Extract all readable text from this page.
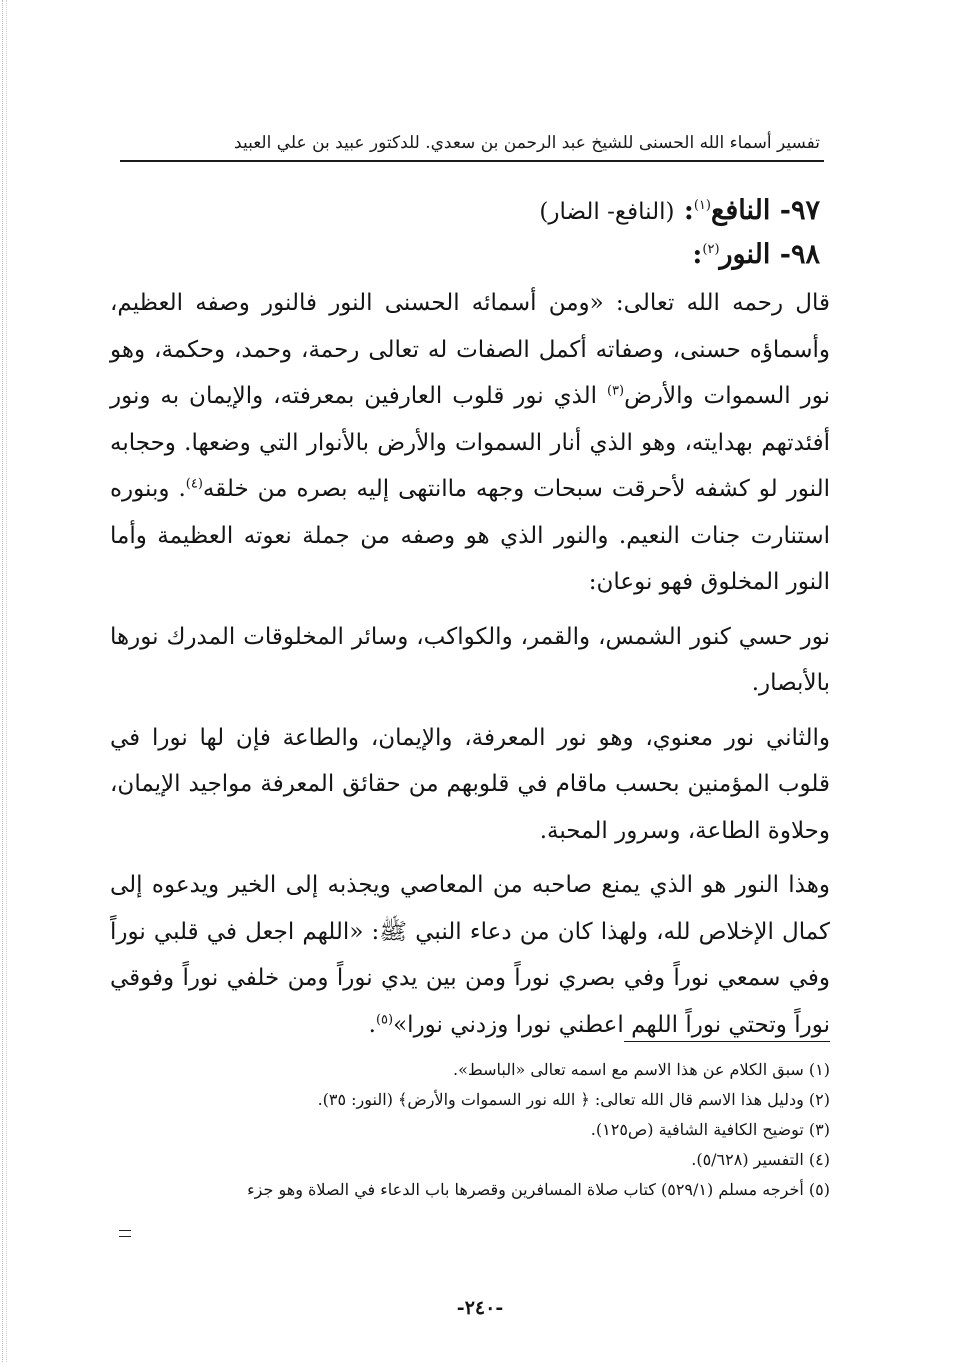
تفسير أسماء الله الحسنى للشيخ عبد الرحمن بن سعدي. للدكتور عبيد بن علي العبيد
٩٧- النافع$^{(١)}$: (النافع- الضار)
٩٨- النور$^{(٢)}$:
قال رحمه الله تعالى: «ومن أسمائه الحسنى النور فالنور وصفه العظيم، وأسماؤه حسنى، وصفاته أكمل الصفات له تعالى رحمة، وحمد، وحكمة، وهو نور السموات والأرض$^{(٣)}$ الذي نور قلوب العارفين بمعرفته، والإيمان به ونور أفئدتهم بهدايته، وهو الذي أنار السموات والأرض بالأنوار التي وضعها. وحجابه النور لو كشفه لأحرقت سبحات وجهه ماانتهى إليه بصره من خلقه$^{(٤)}$. وبنوره استنارت جنات النعيم. والنور الذي هو وصفه من جملة نعوته العظيمة وأما النور المخلوق فهو نوعان:
نور حسي كنور الشمس، والقمر، والكواكب، وسائر المخلوقات المدرك نورها بالأبصار.
والثاني نور معنوي، وهو نور المعرفة، والإيمان، والطاعة فإن لها نورا في قلوب المؤمنين بحسب ماقام في قلوبهم من حقائق المعرفة مواجيد الإيمان، وحلاوة الطاعة، وسرور المحبة.
وهذا النور هو الذي يمنع صاحبه من المعاصي ويجذبه إلى الخير ويدعوه إلى كمال الإخلاص لله، ولهذا كان من دعاء النبي ﷺ: «اللهم اجعل في قلبي نوراً وفي سمعي نوراً وفي بصري نوراً ومن بين يدي نوراً ومن خلفي نوراً وفوقي نوراً وتحتي نوراً اللهم اعطني نورا وزدني نورا»$^{(٥)}$.
(١) سبق الكلام عن هذا الاسم مع اسمه تعالى «الباسط».
(٢) ودليل هذا الاسم قال الله تعالى: ﴿ الله نور السموات والأرض﴾ (النور: ٣٥).
(٣) توضيح الكافية الشافية (ص١٢٥).
(٤) التفسير (٥/٦٢٨).
(٥) أخرجه مسلم (٥٢٩/١) كتاب صلاة المسافرين وقصرها باب الدعاء في الصلاة وهو جزء
-٢٤٠-
